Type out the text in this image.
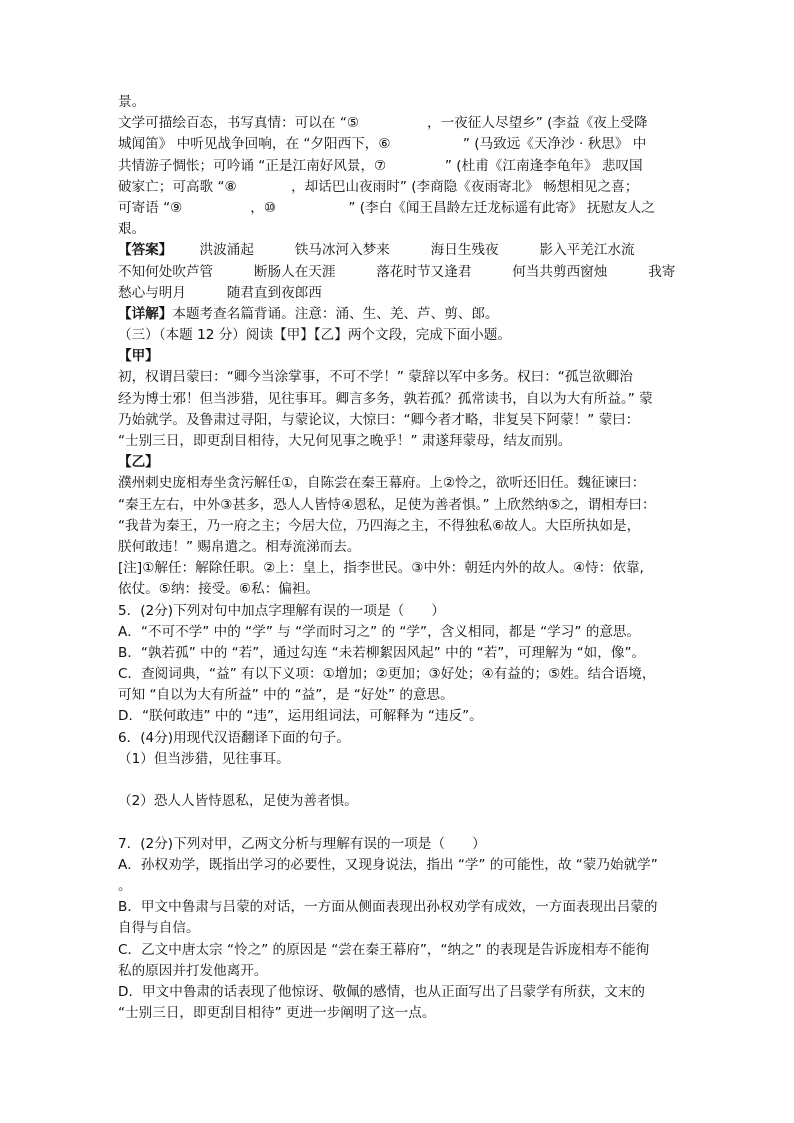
景。
文学可描绘百态，书写真情：可以在 “⑤　　　　　，一夜征人尽望乡” (李益《夜上受降
城闻笛》 中听见战争回响，在 “夕阳西下，⑥　　　　　 ” (马致远《天净沙 · 秋思》 中
共情游子惆怅；可吟诵 “正是江南好风景，⑦　　　　 ” (杜甫《江南逢李龟年》 悲叹国
破家亡；可高歌 “⑧　　　　，却话巴山夜雨时” (李商隐《夜雨寄北》 畅想相见之喜；
可寄语 “⑨　　　　　，⑩　　　　　 ” (李白《闻王昌龄左迁龙标遥有此寄》 抚慰友人之
艰。
【答案】 　　洪波涌起　　　铁马冰河入梦来　　　海日生残夜　　　影入平羌江水流
不知何处吹芦管　　　断肠人在天涯　　　落花时节又逢君　　　何当共剪西窗烛　　　我寄
愁心与明月　　　随君直到夜郎西
【详解】 本题考查名篇背诵。注意：涌、生、羌、芦、剪、郎。
（三）（本题 12 分）阅读【甲】【乙】两个文段，完成下面小题。
【甲】
初，权谓吕蒙曰：“卿今当涂掌事，不可不学！” 蒙辞以军中多务。权曰：“孤岂欲卿治
经为博士邪！但当涉猎，见往事耳。卿言多务，孰若孤？孤常读书，自以为大有所益。” 蒙
乃始就学。及鲁肃过寻阳，与蒙论议，大惊曰：“卿今者才略，非复吴下阿蒙！” 蒙曰：
“士别三日，即更刮目相待，大兄何见事之晚乎！” 肃遂拜蒙母，结友而别。
【乙】
濮州刺史庞相寿坐贪污解任①，自陈尝在秦王幕府。上②怜之，欲听还旧任。魏征谏曰：
“秦王左右，中外③甚多，恐人人皆恃④恩私，足使为善者惧。” 上欣然纳⑤之，谓相寿曰：
“我昔为秦王，乃一府之主；今居大位，乃四海之主，不得独私⑥故人。大臣所执如是，
朕何敢违！” 赐帛遣之。相寿流涕而去。
[注]①解任：解除任职。②上：皇上，指李世民。③中外：朝廷内外的故人。④恃：依靠,
依仗。⑤纳：接受。⑥私：偏袒。
5．(2分)下列对句中加点字理解有误的一项是（　　）
A．“不可不学” 中的 “学” 与 “学而时习之” 的 “学”，含义相同，都是 “学习” 的意思。
B．“孰若孤” 中的 “若”，通过勾连 “未若柳絮因风起” 中的 “若”，可理解为 “如，像”。
C．查阅词典，“益” 有以下义项：①增加；②更加；③好处；④有益的；⑤姓。结合语境，
可知 “自以为大有所益” 中的 “益”，是 “好处” 的意思。
D．“朕何敢违” 中的 “违”，运用组词法，可解释为 “违反”。
6．(4分)用现代汉语翻译下面的句子。
（1）但当涉猎，见往事耳。
（2）恐人人皆恃恩私，足使为善者惧。
7．(2分)下列对甲，乙两文分析与理解有误的一项是（　　）
A．孙权劝学，既指出学习的必要性，又现身说法，指出 “学” 的可能性，故 “蒙乃始就学”
。
B．甲文中鲁肃与吕蒙的对话，一方面从侧面表现出孙权劝学有成效，一方面表现出吕蒙的
自得与自信。
C．乙文中唐太宗 “怜之” 的原因是 “尝在秦王幕府”，“纳之” 的表现是告诉庞相寿不能徇
私的原因并打发他离开。
D．甲文中鲁肃的话表现了他惊讶、敬佩的感情，也从正面写出了吕蒙学有所获，文末的
“士别三日，即更刮目相待” 更进一步阐明了这一点。
